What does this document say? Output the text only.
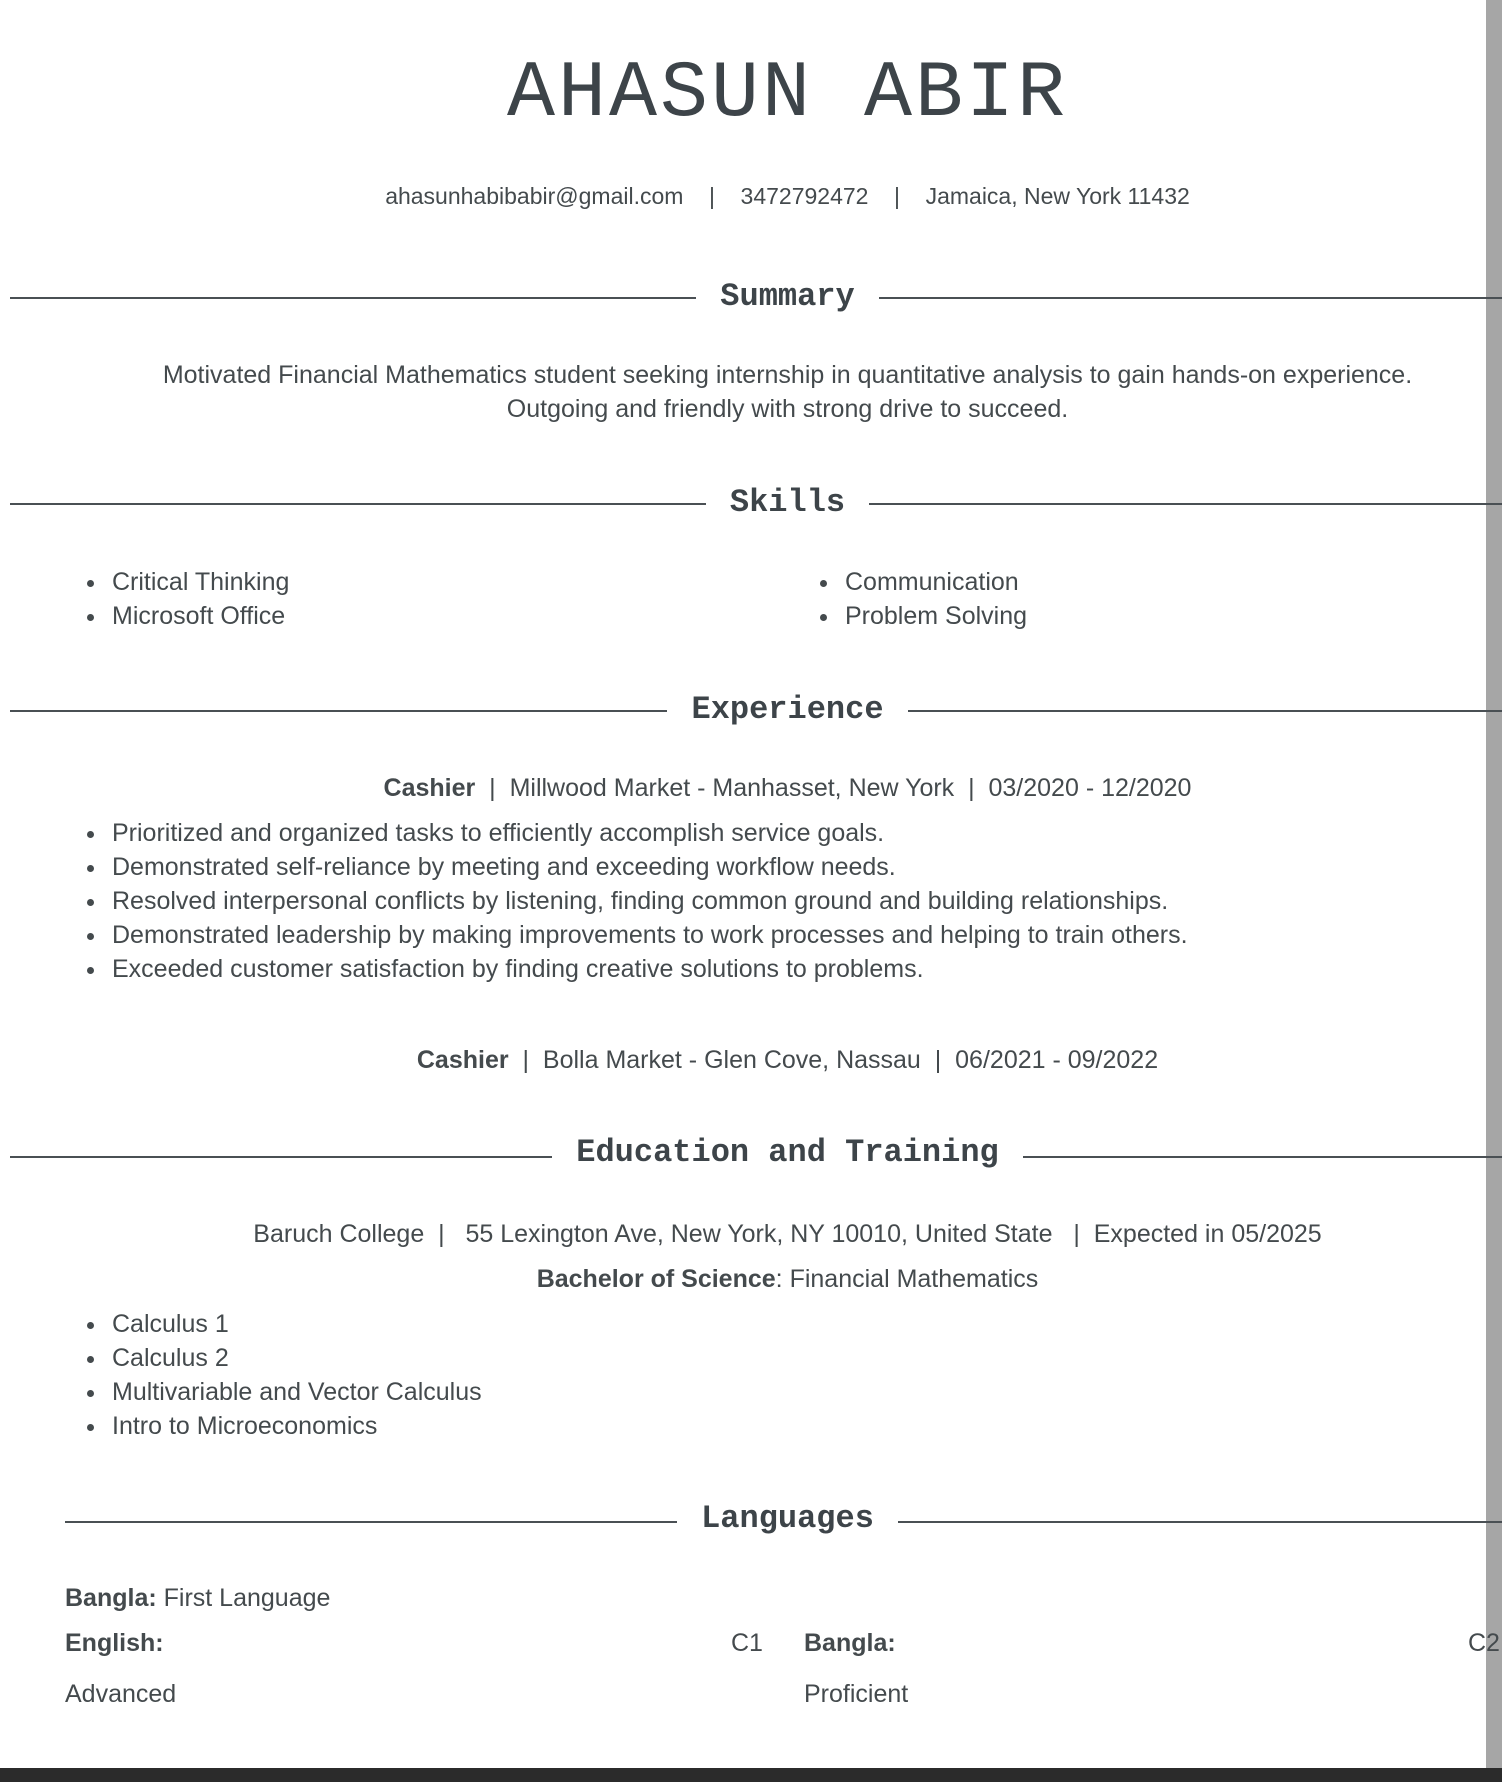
AHASUN ABIR
ahasunhabibabir@gmail.com | 3472792472 | Jamaica, New York 11432
Summary
Motivated Financial Mathematics student seeking internship in quantitative analysis to gain hands-on experience.
Outgoing and friendly with strong drive to succeed.
Skills
• Critical Thinking
• Microsoft Office
• Communication
• Problem Solving
Experience
Cashier | Millwood Market - Manhasset, New York | 03/2020 - 12/2020
• Prioritized and organized tasks to efficiently accomplish service goals.
• Demonstrated self-reliance by meeting and exceeding workflow needs.
• Resolved interpersonal conflicts by listening, finding common ground and building relationships.
• Demonstrated leadership by making improvements to work processes and helping to train others.
• Exceeded customer satisfaction by finding creative solutions to problems.
Cashier | Bolla Market - Glen Cove, Nassau | 06/2021 - 09/2022
Education and Training
Baruch College | 55 Lexington Ave, New York, NY 10010, United State | Expected in 05/2025
Bachelor of Science: Financial Mathematics
• Calculus 1
• Calculus 2
• Multivariable and Vector Calculus
• Intro to Microeconomics
Languages
Bangla: First Language
English:	C1
Advanced
Bangla:	C2
Proficient
